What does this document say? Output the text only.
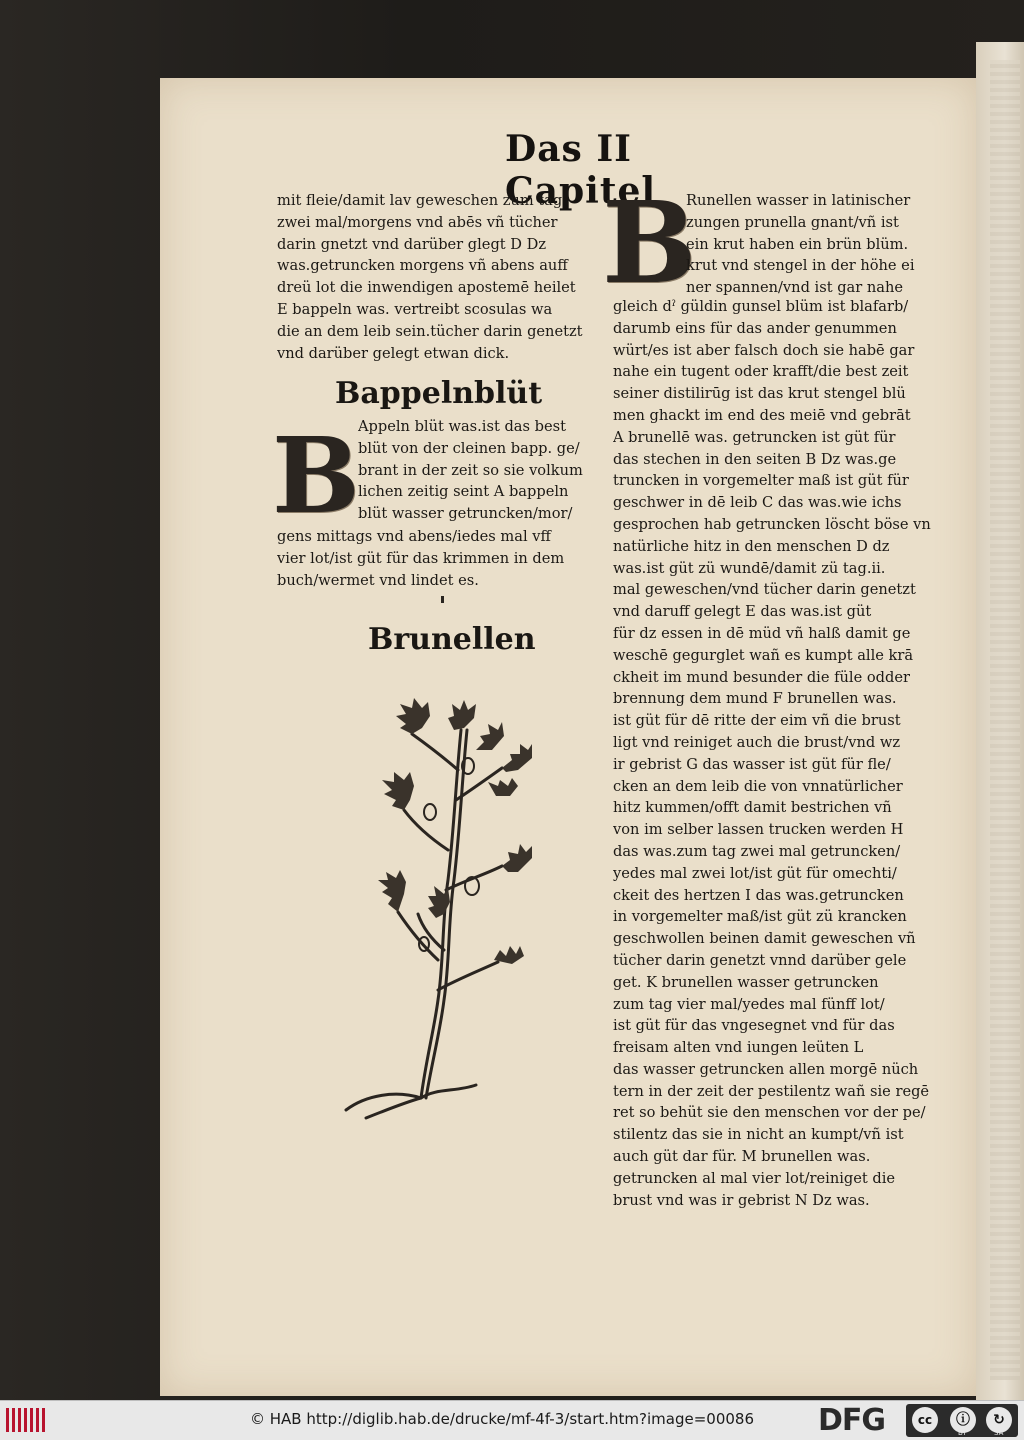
Das II Capitel
mit fleie/damit lav geweschen zum tag
zwei mal/morgens vnd abēs vñ tücher
darin gnetzt vnd darüber glegt D Dz
was.getruncken morgens vñ abens auff
dreü lot die inwendigen apostemē heilet
E bappeln was. vertreibt scosulas wa
die an dem leib sein.tücher darin genetzt
vnd darüber gelegt etwan dick.
Bappelnblüt
B
Appeln blüt was.ist das best
blüt von der cleinen bapp. ge/
brant in der zeit so sie volkum
lichen zeitig seint A bappeln
blüt wasser getruncken/mor/
gens mittags vnd abens/iedes mal vff
vier lot/ist güt für das krimmen in dem
buch/wermet vnd lindet es.
Brunellen
B
Runellen wasser in latinischer
zungen prunella gnant/vñ ist
ein krut haben ein brün blüm.
krut vnd stengel in der höhe ei
ner spannen/vnd ist gar nahe
gleich dˀ güldin gunsel blüm ist blafarb/
darumb eins für das ander genummen
würt/es ist aber falsch doch sie habē gar
nahe ein tugent oder krafft/die best zeit
seiner distilirūg ist das krut stengel blü
men ghackt im end des meiē vnd gebrāt
A brunellē was. getruncken ist güt für
das stechen in den seiten B Dz was.ge
truncken in vorgemelter maß ist güt für
geschwer in dē leib C das was.wie ichs
gesprochen hab getruncken löscht böse vn
natürliche hitz in den menschen D dz
was.ist güt zü wundē/damit zü tag.ii.
mal geweschen/vnd tücher darin genetzt
vnd daruff gelegt E das was.ist güt
für dz essen in dē müd vñ halß damit ge
weschē gegurglet wañ es kumpt alle krā
ckheit im mund besunder die füle odder
brennung dem mund F brunellen was.
ist güt für dē ritte der eim vñ die brust
ligt vnd reiniget auch die brust/vnd wz
ir gebrist G das wasser ist güt für fle/
cken an dem leib die von vnnatürlicher
hitz kummen/offt damit bestrichen vñ
von im selber lassen trucken werden H
das was.zum tag zwei mal getruncken/
yedes mal zwei lot/ist güt für omechti/
ckeit des hertzen I das was.getruncken
in vorgemelter maß/ist güt zü krancken
geschwollen beinen damit geweschen vñ
tücher darin genetzt vnnd darüber gele
get. K brunellen wasser getruncken
zum tag vier mal/yedes mal fünff lot/
ist güt für das vngesegnet vnd für das
freisam alten vnd iungen leüten L
das wasser getruncken allen morgē nüch
tern in der zeit der pestilentz wañ sie regē
ret so behüt sie den menschen vor der pe/
stilentz das sie in nicht an kumpt/vñ ist
auch güt dar für. M brunellen was.
getruncken al mal vier lot/reiniget die
brust vnd was ir gebrist N Dz was.
© HAB http://diglib.hab.de/drucke/mf-4f-3/start.htm?image=00086 DFG	cc	ⓘ	↻
BY	SA
